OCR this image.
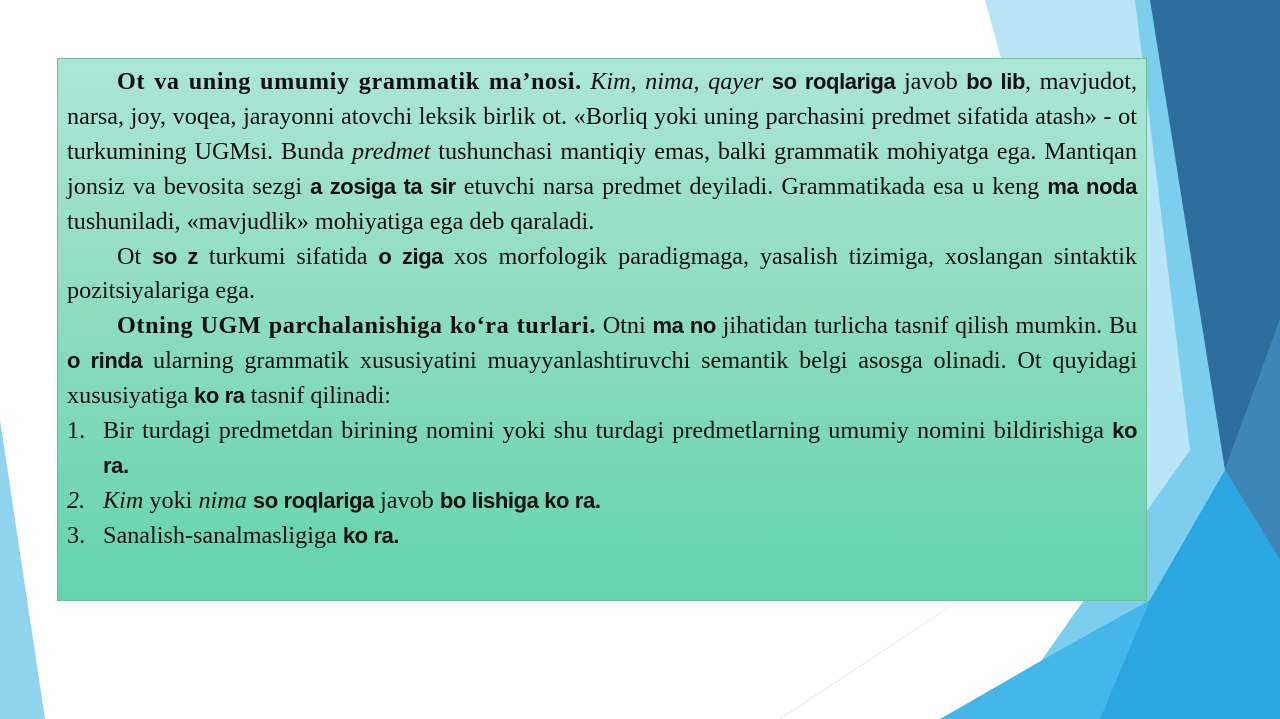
Ot va uning umumiy grammatik ma’nosi. Kim, nima, qayer so roqlariga javob bo lib, mavjudot, narsa, joy, voqea, jarayonni atovchi leksik birlik ot. «Borliq yoki uning parchasini predmet sifatida atash» - ot turkumining UGMsi. Bunda predmet tushunchasi mantiqiy emas, balki grammatik mohiyatga ega. Mantiqan jonsiz va bevosita sezgi a zosiga ta sir etuvchi narsa predmet deyiladi. Grammatikada esa u keng ma noda tushuniladi, «mavjudlik» mohiyatiga ega deb qaraladi.

Ot so z turkumi sifatida o ziga xos morfologik paradigmaga, yasalish tizimiga, xoslangan sintaktik pozitsiyalariga ega.

Otning UGM parchalanishiga ko‘ra turlari. Otni ma no jihatidan turlicha tasnif qilish mumkin. Bu o rinda ularning grammatik xususiyatini muayyanlashtiruvchi semantik belgi asosga olinadi. Ot quyidagi xususiyatiga ko ra tasnif qilinadi:

1. Bir turdagi predmetdan birining nomini yoki shu turdagi predmetlarning umumiy nomini bildirishiga ko ra.
2. Kim yoki nima so roqlariga javob bo lishiga ko ra.
3. Sanalish-sanalmasligiga ko ra.
